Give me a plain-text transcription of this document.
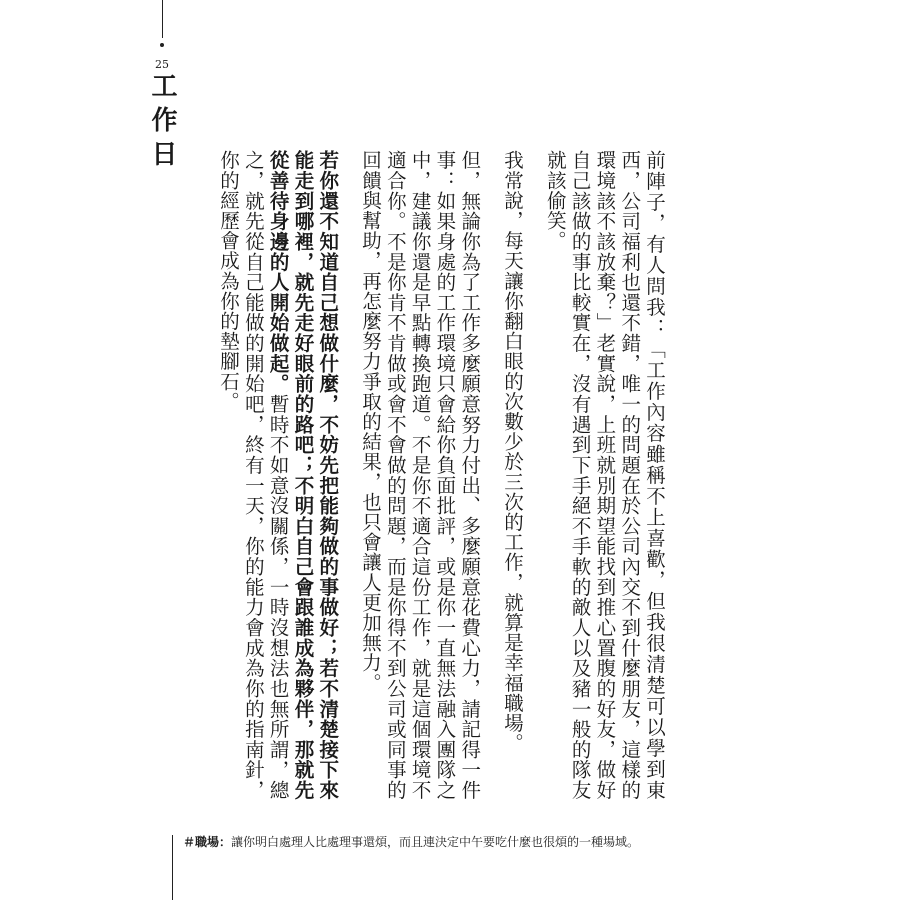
25
工作日

前陣子，有人問我：「工作內容雖稱不上喜歡，但我很清楚可以學到東西，公司福利也還不錯，唯一的問題在於公司內交不到什麼朋友，這樣的環境該不該放棄？」老實說，上班就別期望能找到推心置腹的好友，做好自己該做的事比較實在，沒有遇到下手絕不手軟的敵人以及豬一般的隊友就該偷笑。

我常說，每天讓你翻白眼的次數少於三次的工作，就算是幸福職場。

但，無論你為了工作多麼願意努力付出、多麼願意花費心力，請記得一件事：如果身處的工作環境只會給你負面批評，或是你一直無法融入團隊之中，建議你還是早點轉換跑道。不是你不適合這份工作，就是這個環境不適合你。不是你肯不肯做或會不會做的問題，而是你得不到公司或同事的回饋與幫助，再怎麼努力爭取的結果，也只會讓人更加無力。

若你還不知道自己想做什麼，不妨先把能夠做的事做好；若不清楚接下來能走到哪裡，就先走好眼前的路吧；不明白自己會跟誰成為夥伴，那就先從善待身邊的人開始做起。暫時不如意沒關係，一時沒想法也無所謂，總之，就先從自己能做的開始吧，終有一天，你的能力會成為你的指南針，你的經歷會成為你的墊腳石。

＃職場：讓你明白處理人比處理事還煩，而且連決定中午要吃什麼也很煩的一種場域。
